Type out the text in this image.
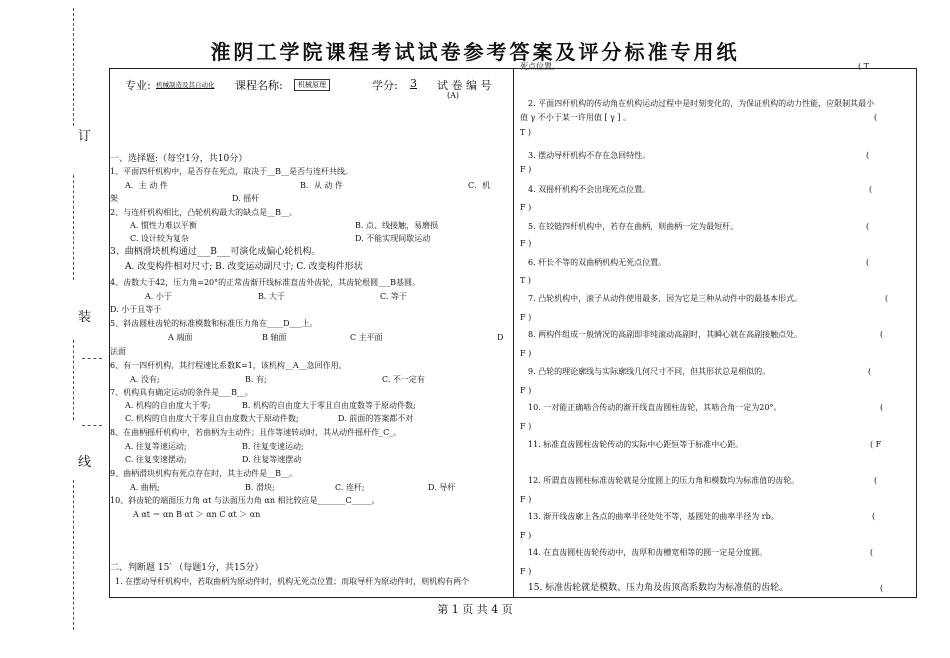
订
装
线
淮阴工学院课程考试试卷参考答案及评分标准专用纸
专业: 机械制造及其自动化 课程名称:	机械原理	学分: 3 试 卷 编 号
(A)
一、选择题:（每空1分，共10分）
1、平面四杆机构中，是否存在死点，取决于__B__是否与连杆共线。
A．主 动 件	B．从 动 件	C．机
架	D. 摇杆
2、与连杆机构相比，凸轮机构最大的缺点是__B__。
A. 惯性力难以平衡	B. 点、线接触，易磨损
C. 设计较为复杂	D. 不能实现间歇运动
3、曲柄滑块机构通过___B___可演化成偏心轮机构。
A. 改变构件相对尺寸; B. 改变运动副尺寸; C. 改变构件形状
4、齿数大于42，压力角=20°的正常齿渐开线标准直齿外齿轮，其齿轮根圆___B基圆。
A. 小于	B. 大于	C. 等于
D. 小于且等于
5、斜齿圆柱齿轮的标准模数和标准压力角在____D___上。
A 端面	B 轴面	C 主平面	D
法面
6、有一四杆机构，其行程速比系数K=1，该机构__A__急回作用。
A. 没有;	B. 有;	C. 不一定有
7、机构具有确定运动的条件是___B__。
A. 机构的自由度大于零;	B. 机构的自由度大于零且自由度数等于原动件数;
C. 机构的自由度大于零且自由度数大于原动件数;	D. 前面的答案都不对
8、在曲柄摇杆机构中，若曲柄为主动件；且作等速转动时，其从动件摇杆作_C_。
A. 往复等速运动;	B. 往复变速运动;
C. 往复变速摆动;	D. 往复等速摆动
9、曲柄滑块机构有死点存在时，其主动件是__B__。
A. 曲柄;	B. 滑块;	C. 连杆;	D. 导杆
10、斜齿轮的端面压力角 αt 与法面压力角 αn 相比较应是_______C_____。
A αt ＝ αn B αt ＞ αn C αt ＞ αn
二、判断题 15′ （每题1分，共15分）
1. 在摆动导杆机构中，若取曲柄为原动件时，机构无死点位置；而取导杆为原动件时，则机构有两个
死点位置。	( T
2. 平面四杆机构的传动角在机构运动过程中是时刻变化的，为保证机构的动力性能，应限制其最小
值 γ 不小于某一许用值 [ γ ] 。	(
T )
3. 摆动导杆机构不存在急回特性。	(
F )
4. 双摇杆机构不会出现死点位置。	(
F )
5. 在铰链四杆机构中，若存在曲柄，则曲柄一定为最短杆。	(
F )
6. 杆长不等的双曲柄机构无死点位置。	(
T )
7. 凸轮机构中，滚子从动件使用最多，因为它是三种从动件中的最基本形式。	(
F )
8. 两构件组成一般情况的高副即非纯滚动高副时，其瞬心就在高副接触点处。	(
F )
9. 凸轮的理论廓线与实际廓线几何尺寸不同，但其形状总是相似的。	(
F )
10. 一对能正确啮合传动的渐开线直齿圆柱齿轮，其啮合角一定为20°。	(
F )
11. 标准直齿圆柱齿轮传动的实际中心距恒等于标准中心距。	( F
12. 所谓直齿圆柱标准齿轮就是分度圆上的压力角和模数均为标准值的齿轮。	(
F )
13. 渐开线齿廓上各点的曲率半径处处不等，基圆处的曲率半径为 rb。	(
F )
14. 在直齿圆柱齿轮传动中，齿厚和齿槽宽相等的圆一定是分度圆。	(
F )
15. 标准齿轮就是模数、压力角及齿顶高系数均为标准值的齿轮。	(
第 1 页 共 4 页
